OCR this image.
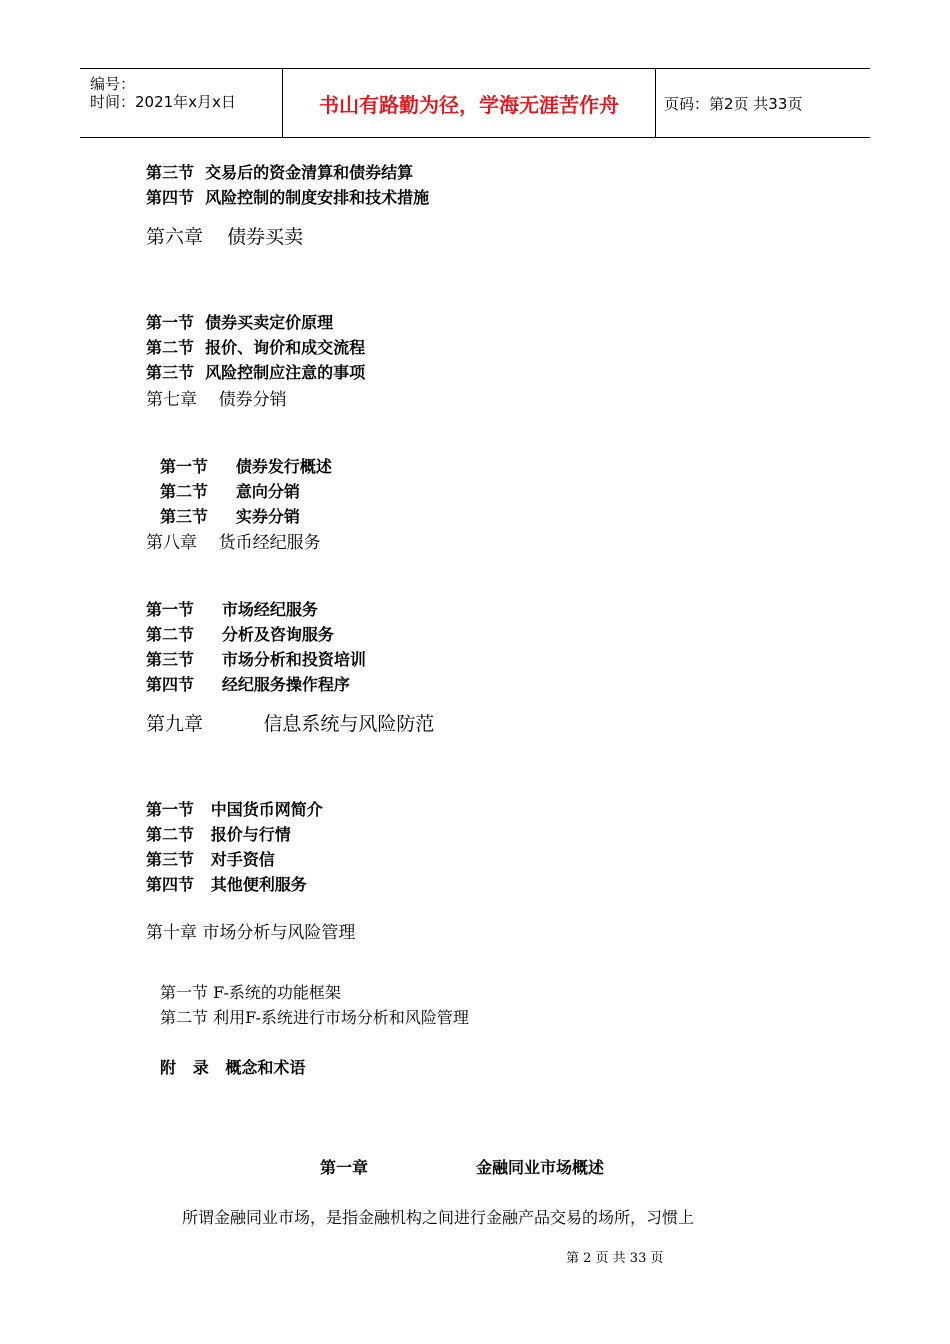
编号：
时间：2021年x月x日	书山有路勤为径，学海无涯苦作舟	页码：第2页 共33页
第三节  交易后的资金清算和债券结算
第四节  风险控制的制度安排和技术措施
第六章    债券买卖
第一节  债券买卖定价原理
第二节  报价、询价和成交流程
第三节  风险控制应注意的事项
第七章    债券分销
第一节     债券发行概述
第二节     意向分销
第三节     实券分销
第八章    货币经纪服务
第一节     市场经纪服务
第二节     分析及咨询服务
第三节     市场分析和投资培训
第四节     经纪服务操作程序
第九章          信息系统与风险防范
第一节   中国货币网简介
第二节   报价与行情
第三节   对手资信
第四节   其他便利服务
第十章 市场分析与风险管理
第一节 F-系统的功能框架
第二节 利用F-系统进行市场分析和风险管理
附   录   概念和术语
第一章	金融同业市场概述
所谓金融同业市场，是指金融机构之间进行金融产品交易的场所，习惯上
第 2 页 共 33 页
